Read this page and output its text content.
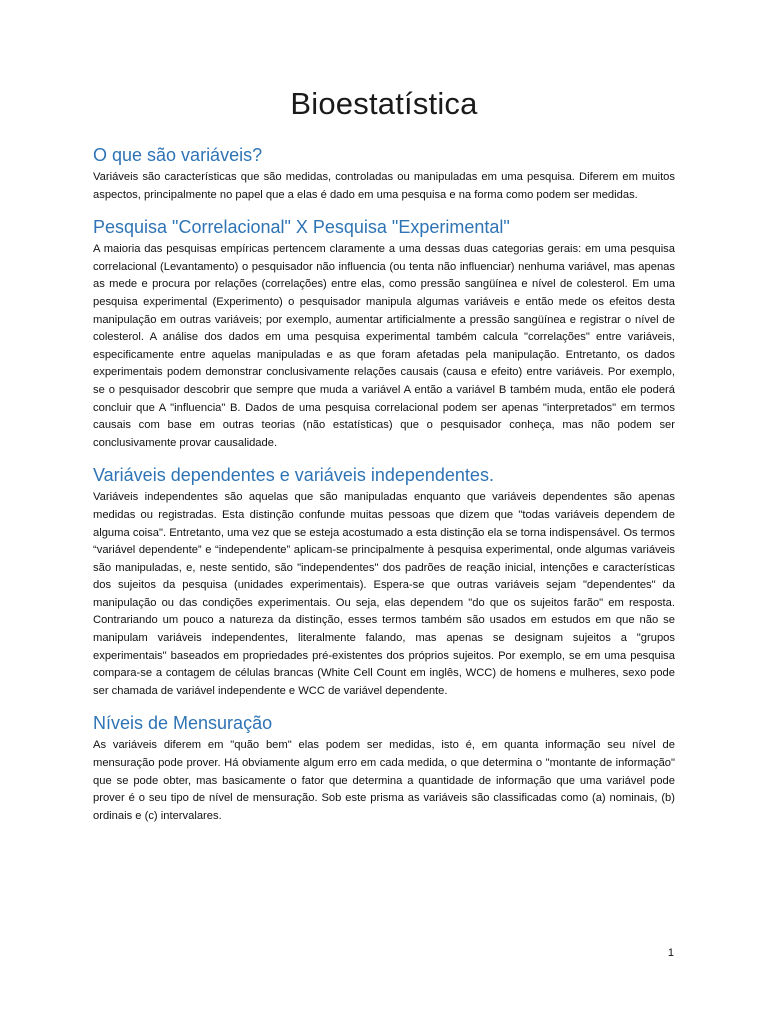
Bioestatística
O que são variáveis?

Variáveis são características que são medidas, controladas ou manipuladas em uma pesquisa. Diferem em muitos aspectos, principalmente no papel que a elas é dado em uma pesquisa e na forma como podem ser medidas.

Pesquisa "Correlacional" X Pesquisa "Experimental"

A maioria das pesquisas empíricas pertencem claramente a uma dessas duas categorias gerais: em uma pesquisa correlacional (Levantamento) o pesquisador não influencia (ou tenta não influenciar) nenhuma variável, mas apenas as mede e procura por relações (correlações) entre elas, como pressão sangüínea e nível de colesterol. Em uma pesquisa experimental (Experimento) o pesquisador manipula algumas variáveis e então mede os efeitos desta manipulação em outras variáveis; por exemplo, aumentar artificialmente a pressão sangüínea e registrar o nível de colesterol. A análise dos dados em uma pesquisa experimental também calcula "correlações" entre variáveis, especificamente entre aquelas manipuladas e as que foram afetadas pela manipulação. Entretanto, os dados experimentais podem demonstrar conclusivamente relações causais (causa e efeito) entre variáveis. Por exemplo, se o pesquisador descobrir que sempre que muda a variável A então a variável B também muda, então ele poderá concluir que A "influencia" B. Dados de uma pesquisa correlacional podem ser apenas "interpretados" em termos causais com base em outras teorias (não estatísticas) que o pesquisador conheça, mas não podem ser conclusivamente provar causalidade.

Variáveis dependentes e variáveis independentes.

Variáveis independentes são aquelas que são manipuladas enquanto que variáveis dependentes são apenas medidas ou registradas. Esta distinção confunde muitas pessoas que dizem que "todas variáveis dependem de alguma coisa". Entretanto, uma vez que se esteja acostumado a esta distinção ela se torna indispensável. Os termos “variável dependente” e “independente” aplicam-se principalmente à pesquisa experimental, onde algumas variáveis são manipuladas, e, neste sentido, são "independentes" dos padrões de reação inicial, intenções e características dos sujeitos da pesquisa (unidades experimentais). Espera-se que outras variáveis sejam "dependentes" da manipulação ou das condições experimentais. Ou seja, elas dependem "do que os sujeitos farão" em resposta. Contrariando um pouco a natureza da distinção, esses termos também são usados em estudos em que não se manipulam variáveis independentes, literalmente falando, mas apenas se designam sujeitos a "grupos experimentais" baseados em propriedades pré-existentes dos próprios sujeitos. Por exemplo, se em uma pesquisa compara-se a contagem de células brancas (White Cell Count em inglês, WCC) de homens e mulheres, sexo pode ser chamada de variável independente e WCC de variável dependente.

Níveis de Mensuração

As variáveis diferem em "quão bem" elas podem ser medidas, isto é, em quanta informação seu nível de mensuração pode prover. Há obviamente algum erro em cada medida, o que determina o "montante de informação" que se pode obter, mas basicamente o fator que determina a quantidade de informação que uma variável pode prover é o seu tipo de nível de mensuração. Sob este prisma as variáveis são classificadas como (a) nominais, (b) ordinais e (c) intervalares.

1
